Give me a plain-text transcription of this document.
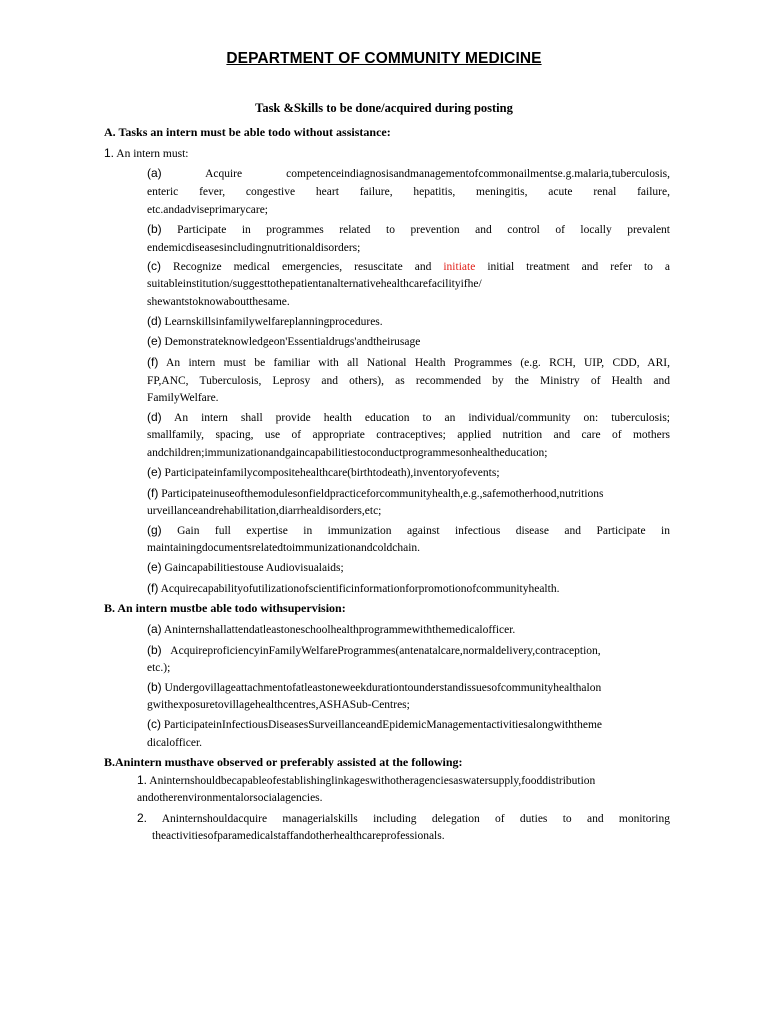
DEPARTMENT OF COMMUNITY MEDICINE
Task &Skills to be done/acquired during posting
A. Tasks an intern must be able todo without assistance:
1. An intern must:
(a)	Acquire competenceindiagnosisandmanagementofcommonailmentse.g.malaria,tuberculosis,
enteric fever, congestive heart failure, hepatitis, meningitis, acute renal failure,
etc.andadviseprimarycare;
(b) Participate in programmes related to prevention and control of locally prevalent
endemicdiseasesincludingnutritionaldisorders;
(c) Recognize medical emergencies, resuscitate and initiate initial treatment and refer to a
suitableinstitution/suggesttothepatientanalternativehealthcarefacilityifhe/
shewantstoknowaboutthesame.
(d) Learnskillsinfamilywelfareplanningprocedures.
(e) Demonstrateknowledgeon'Essentialdrugs'andtheirusage
(f) An intern must be familiar with all National Health Programmes (e.g. RCH, UIP, CDD, ARI,
FP,ANC, Tuberculosis, Leprosy and others), as recommended by the Ministry of Health and
FamilyWelfare.
(d) An intern shall provide health education to an individual/community on: tuberculosis;
smallfamily, spacing, use of appropriate contraceptives; applied nutrition and care of mothers
andchildren;immunizationandgaincapabilitiestoconductprogrammesonhealtheducation;
(e) Participateinfamilycompositehealthcare(birthtodeath),inventoryofevents;
(f) Participateinuseofthemodulesonfieldpracticeforcommunityhealth,e.g.,safemotherhood,nutritions
urveillanceandrehabilitation,diarrhealdisorders,etc;
(g) Gain full expertise in immunization against infectious disease and Participate in
maintainingdocumentsrelatedtoimmunizationandcoldchain.
(e) Gaincapabilitiestouse Audiovisualaids;
(f) Acquirecapabilityofutilizationofscientificinformationforpromotionofcommunityhealth.
B. An intern mustbe able todo withsupervision:
(a) Aninternshallattendatleastoneschoolhealthprogrammewiththemedicalofficer.
(b) AcquireproficiencyinFamilyWelfareProgrammes(antenatalcare,normaldelivery,contraception,
etc.);
(b) Undergovillageattachmentofatleastoneweekdurationtounderstandissuesofcommunityhealthalon
gwithexposuretovillagehealthcentres,ASHASub-Centres;
(c) ParticipateinInfectiousDiseasesSurveillanceandEpidemicManagementactivitiesalongwiththeme
dicalofficer.
B.Anintern musthave observed or preferably assisted at the following:
1. Aninternshouldbecapableofestablishinglinkageswithotheragenciesaswatersupply,fooddistribution
andotherenvironmentalorsocialagencies.
2. Aninternshouldacquire managerialskills including delegation of duties to and monitoring
theactivitiesofparamedicalstaffandotherhealthcareprofessionals.
